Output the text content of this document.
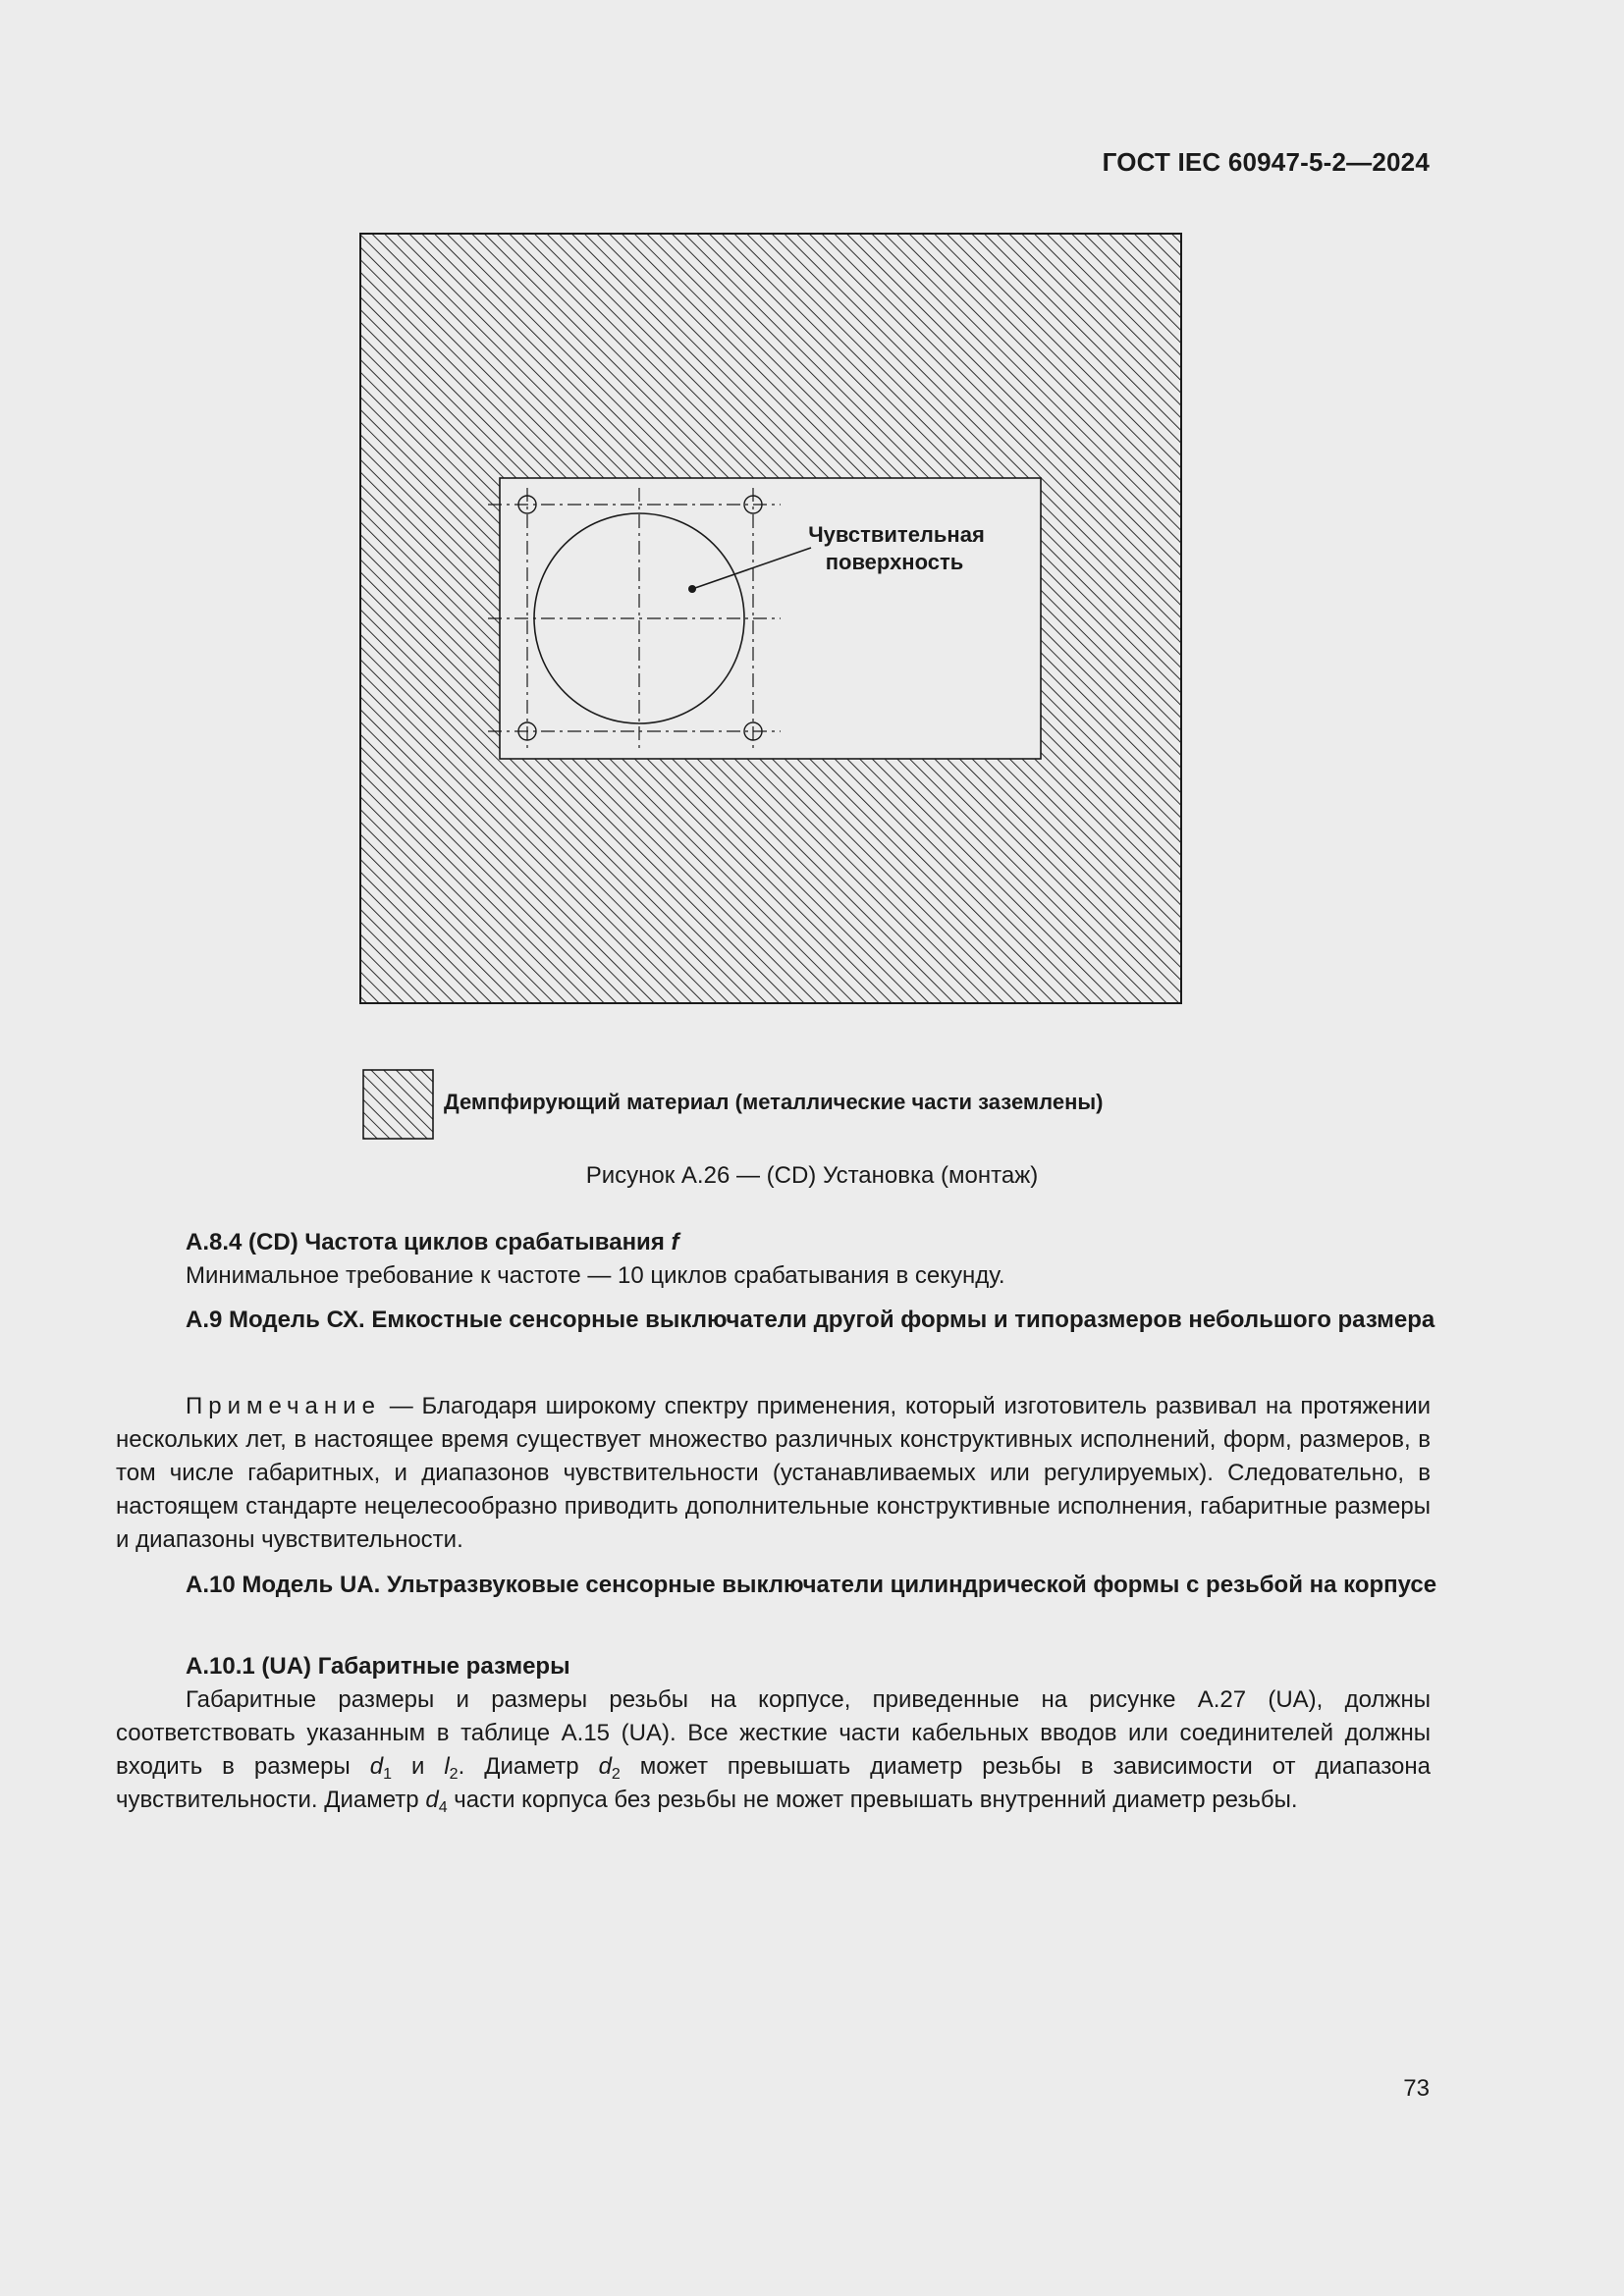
ГОСТ IEC 60947-5-2—2024
Чувствительная
поверхность
Демпфирующий материал (металлические части заземлены)
Рисунок А.26 — (CD) Установка (монтаж)
А.8.4 (CD) Частота циклов срабатывания f
Минимальное требование к частоте — 10 циклов срабатывания в секунду.
А.9 Модель СХ. Емкостные сенсорные выключатели другой формы и типоразмеров небольшого размера
Примечание — Благодаря широкому спектру применения, который изготовитель развивал на протяжении нескольких лет, в настоящее время существует множество различных конструктивных исполнений, форм, размеров, в том числе габаритных, и диапазонов чувствительности (устанавливаемых или регулируемых). Следовательно, в настоящем стандарте нецелесообразно приводить дополнительные конструктивные исполнения, габаритные размеры и диапазоны чувствительности.
А.10 Модель UA. Ультразвуковые сенсорные выключатели цилиндрической формы с резьбой на корпусе
А.10.1 (UA) Габаритные размеры
Габаритные размеры и размеры резьбы на корпусе, приведенные на рисунке А.27 (UA), должны соответствовать указанным в таблице А.15 (UA). Все жесткие части кабельных вводов или соединителей должны входить в размеры $d_1$ и $l_2$. Диаметр $d_2$ может превышать диаметр резьбы в зависимости от диапазона чувствительности. Диаметр $d_4$ части корпуса без резьбы не может превышать внутренний диаметр резьбы.
73
